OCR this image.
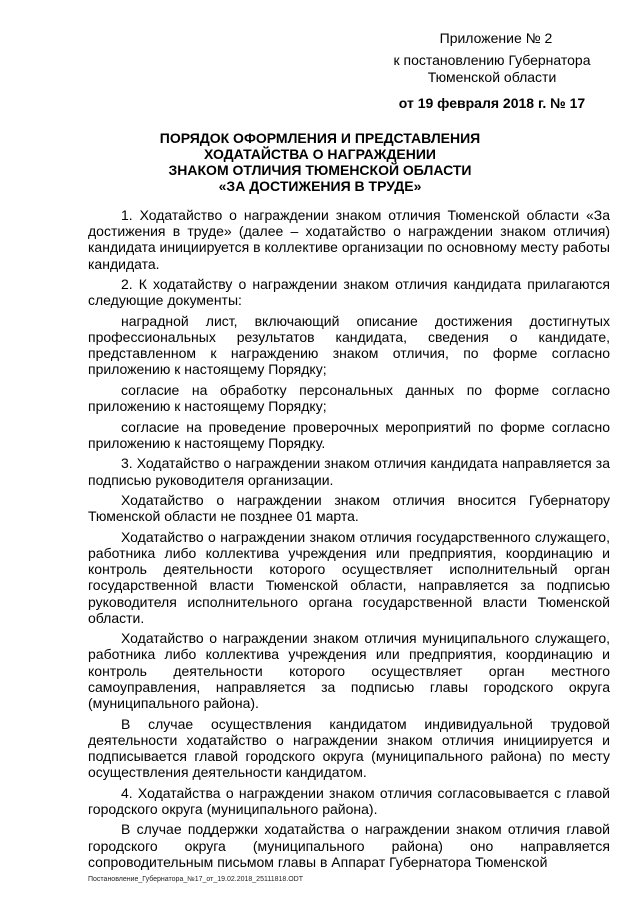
Приложение № 2
к постановлению Губернатора
Тюменской области
от 19 февраля 2018 г. № 17
ПОРЯДОК ОФОРМЛЕНИЯ И ПРЕДСТАВЛЕНИЯ
ХОДАТАЙСТВА О НАГРАЖДЕНИИ
ЗНАКОМ ОТЛИЧИЯ ТЮМЕНСКОЙ ОБЛАСТИ
«ЗА ДОСТИЖЕНИЯ В ТРУДЕ»

1. Ходатайство о награждении знаком отличия Тюменской области «За достижения в труде» (далее – ходатайство о награждении знаком отличия) кандидата инициируется в коллективе организации по основному месту работы кандидата.

2. К ходатайству о награждении знаком отличия кандидата прилагаются следующие документы:

наградной лист, включающий описание достижения достигнутых профессиональных результатов кандидата, сведения о кандидате, представленном к награждению знаком отличия, по форме согласно приложению к настоящему Порядку;

согласие на обработку персональных данных по форме согласно приложению к настоящему Порядку;

согласие на проведение проверочных мероприятий по форме согласно приложению к настоящему Порядку.

3. Ходатайство о награждении знаком отличия кандидата направляется за подписью руководителя организации.

Ходатайство о награждении знаком отличия вносится Губернатору Тюменской области не позднее 01 марта.

Ходатайство о награждении знаком отличия государственного служащего, работника либо коллектива учреждения или предприятия, координацию и контроль деятельности которого осуществляет исполнительный орган государственной власти Тюменской области, направляется за подписью руководителя исполнительного органа государственной власти Тюменской области.

Ходатайство о награждении знаком отличия муниципального служащего, работника либо коллектива учреждения или предприятия, координацию и контроль деятельности которого осуществляет орган местного самоуправления, направляется за подписью главы городского округа (муниципального района).

В случае осуществления кандидатом индивидуальной трудовой деятельности ходатайство о награждении знаком отличия инициируется и подписывается главой городского округа (муниципального района) по месту осуществления деятельности кандидатом.

4. Ходатайства о награждении знаком отличия согласовывается с главой городского округа (муниципального района).

В случае поддержки ходатайства о награждении знаком отличия главой городского округа (муниципального района) оно направляется сопроводительным письмом главы в Аппарат Губернатора Тюменской

Постановление_Губернатора_№17_от_19.02.2018_25111818.ODT
